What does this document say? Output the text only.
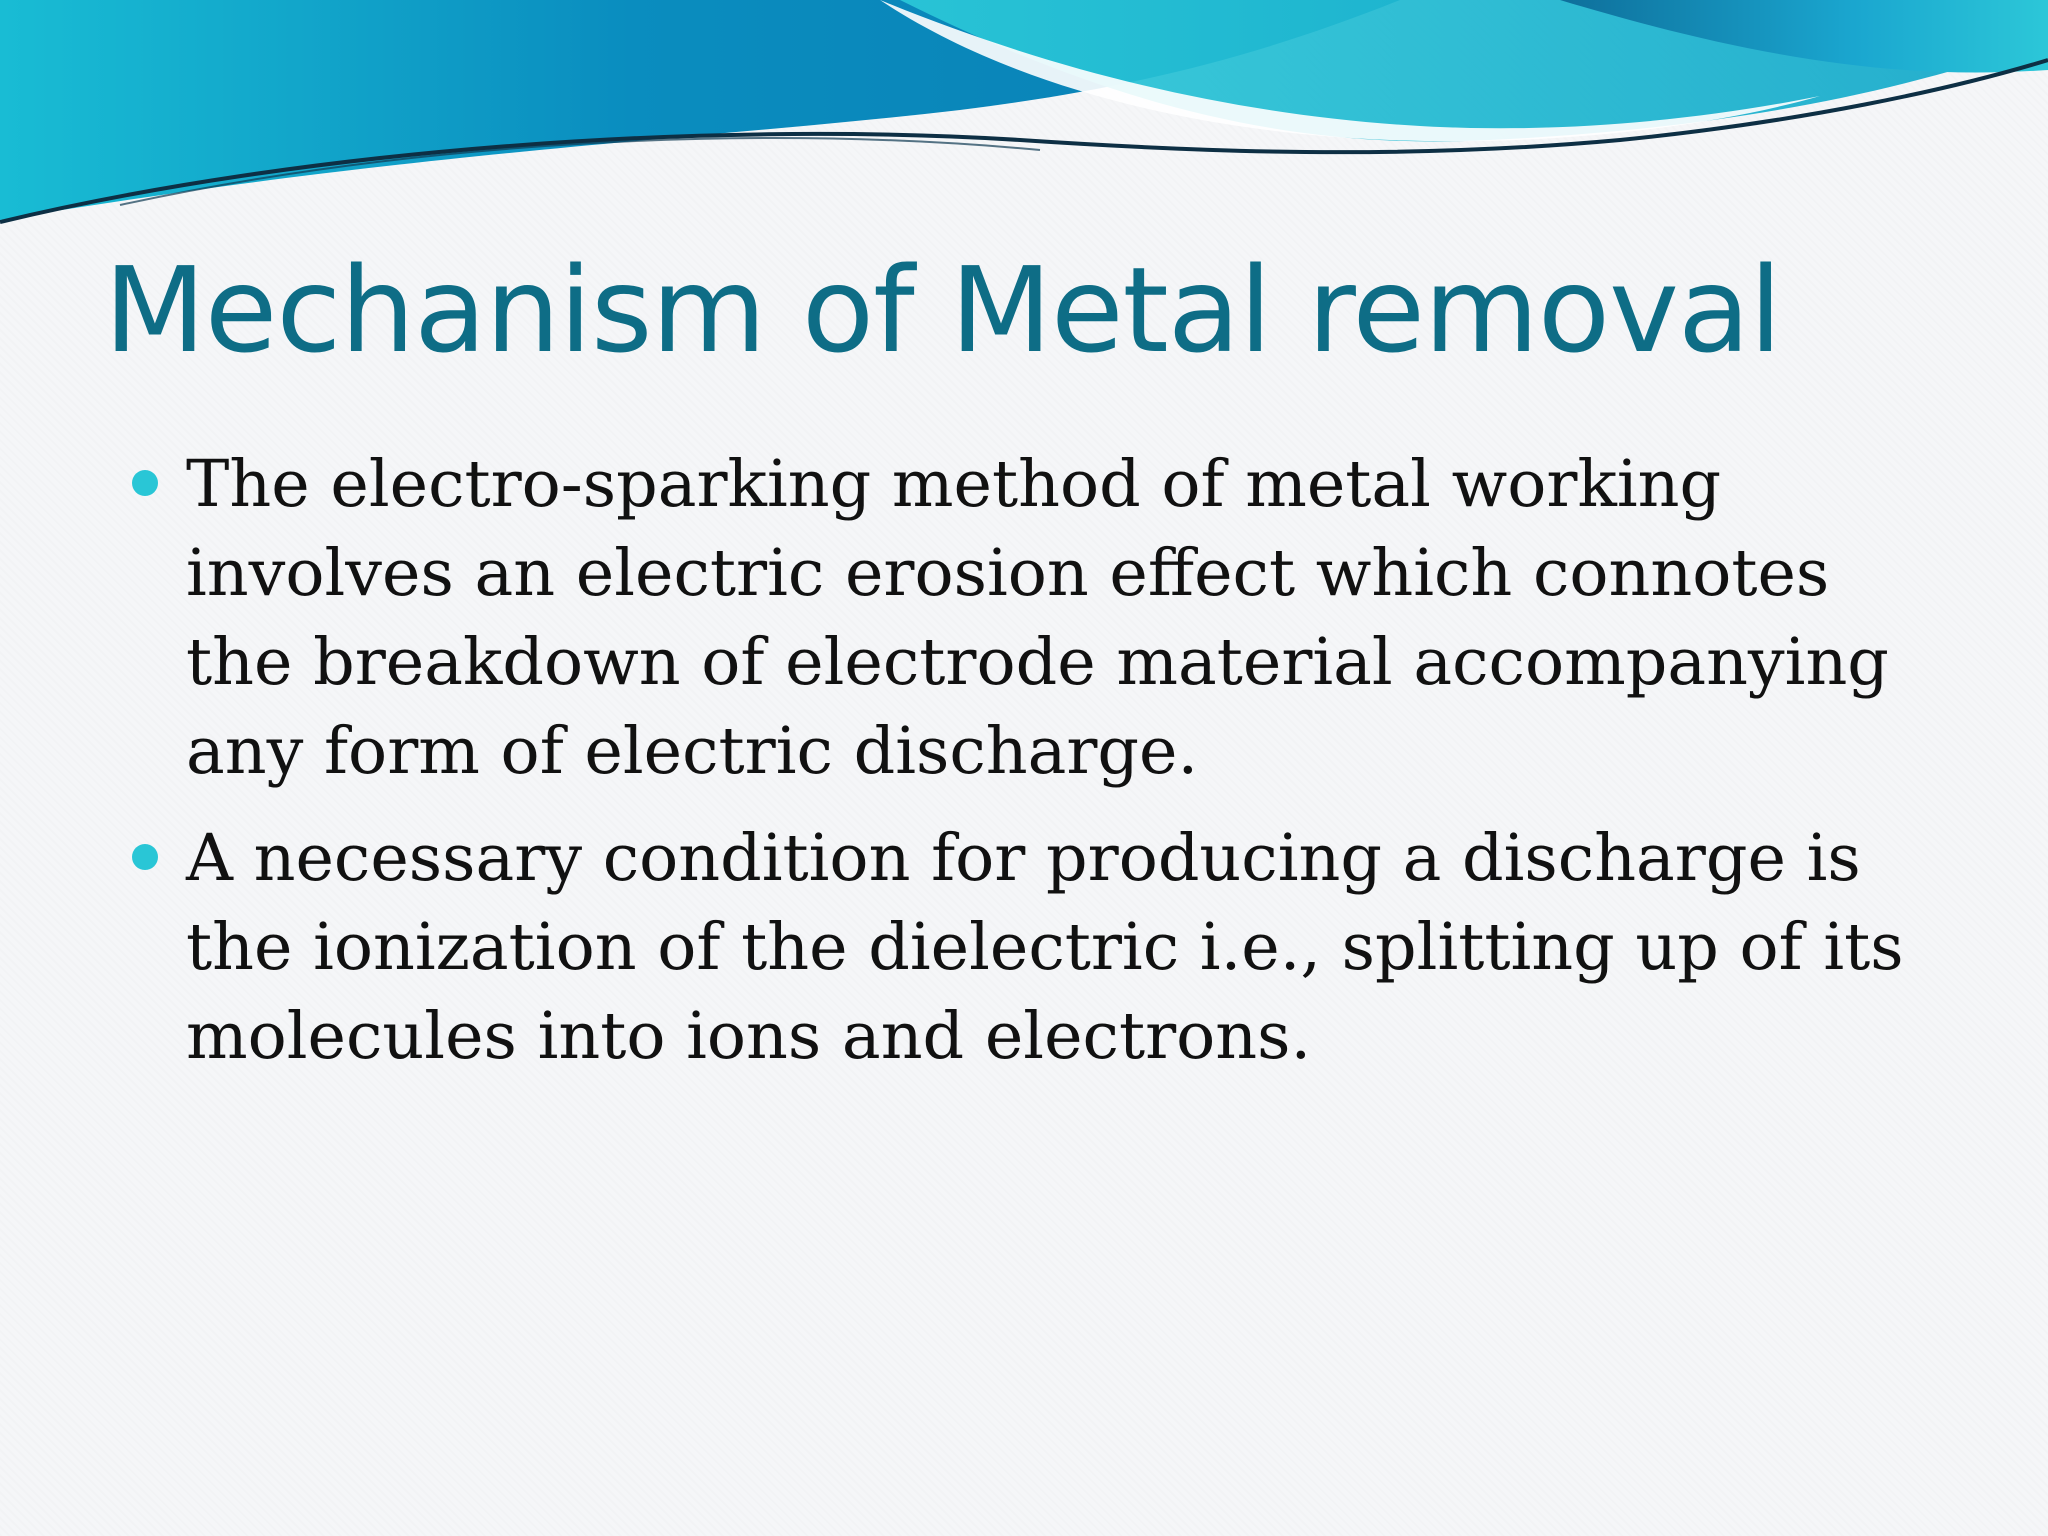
Mechanism of Metal removal
The electro-sparking method of metal working involves an electric erosion effect which connotes the breakdown of electrode material accompanying any form of electric discharge.
A necessary condition for producing a discharge is the ionization of the dielectric i.e., splitting up of its molecules into ions and electrons.
